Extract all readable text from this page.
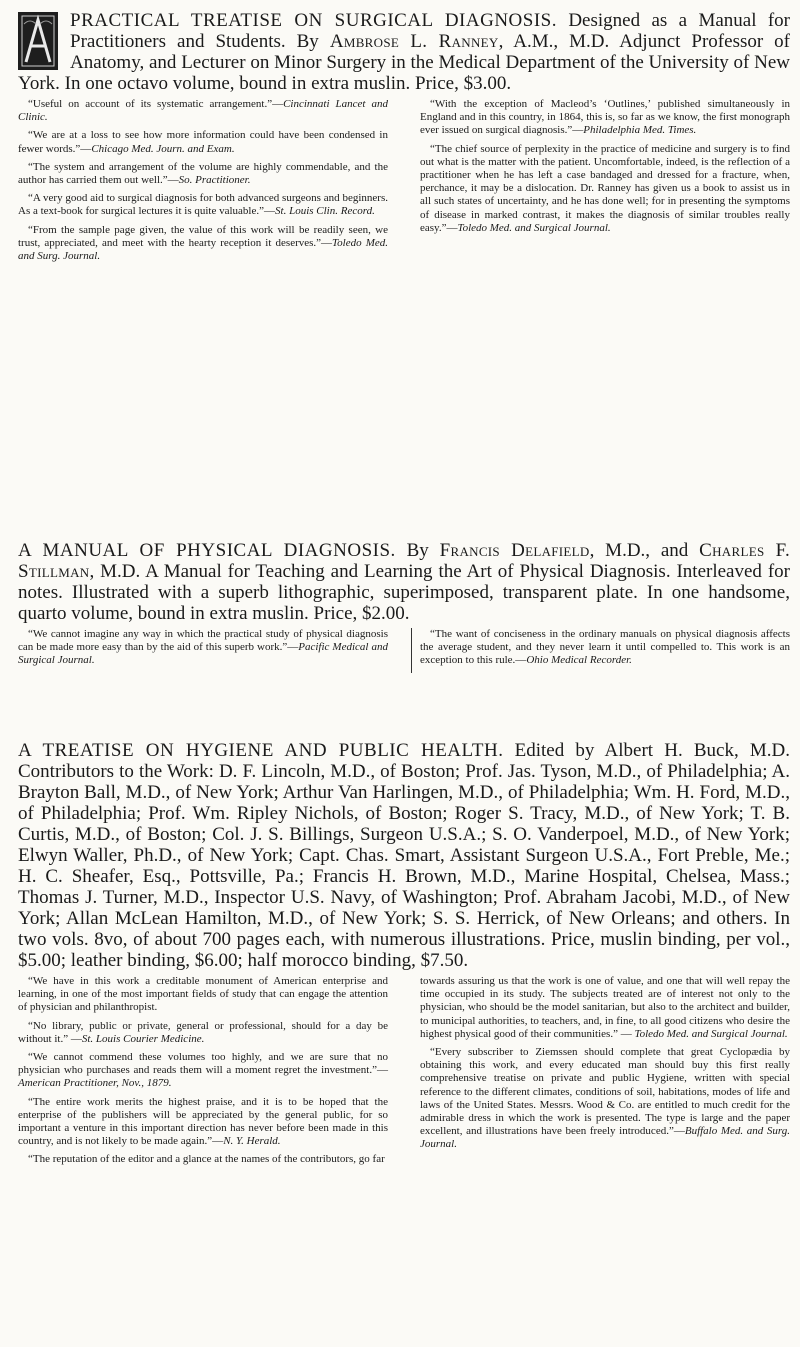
PRACTICAL TREATISE ON SURGICAL DIAGNOSIS. Designed as a Manual for Practitioners and Students. By Ambrose L. Ranney, A.M., M.D. Adjunct Professor of Anatomy, and Lecturer on Minor Surgery in the Medical Department of the University of New York. In one octavo volume, bound in extra muslin. Price, $3.00.

“Useful on account of its systematic arrangement.”—Cincinnati Lancet and Clinic.

“We are at a loss to see how more information could have been condensed in fewer words.”—Chicago Med. Journ. and Exam.

“The system and arrangement of the volume are highly commendable, and the author has carried them out well.”—So. Practitioner.

“A very good aid to surgical diagnosis for both advanced surgeons and beginners. As a text-book for surgical lectures it is quite valuable.”—St. Louis Clin. Record.

“From the sample page given, the value of this work will be readily seen, we trust, appreciated, and meet with the hearty reception it deserves.”—Toledo Med. and Surg. Journal.

“With the exception of Macleod’s ‘Outlines,’ published simultaneously in England and in this country, in 1864, this is, so far as we know, the first monograph ever issued on surgical diagnosis.”—Philadelphia Med. Times.

“The chief source of perplexity in the practice of medicine and surgery is to find out what is the matter with the patient. Uncomfortable, indeed, is the reflection of a practitioner when he has left a case bandaged and dressed for a fracture, when, perchance, it may be a dislocation. Dr. Ranney has given us a book to assist us in all such states of uncertainty, and he has done well; for in presenting the symptoms of disease in marked contrast, it makes the diagnosis of similar troubles really easy.”—Toledo Med. and Surgical Journal.

A MANUAL OF PHYSICAL DIAGNOSIS. By Francis Delafield, M.D., and Charles F. Stillman, M.D. A Manual for Teaching and Learning the Art of Physical Diagnosis. Interleaved for notes. Illustrated with a superb lithographic, superimposed, transparent plate. In one handsome, quarto volume, bound in extra muslin. Price, $2.00.

“We cannot imagine any way in which the practical study of physical diagnosis can be made more easy than by the aid of this superb work.”—Pacific Medical and Surgical Journal.

“The want of conciseness in the ordinary manuals on physical diagnosis affects the average student, and they never learn it until compelled to. This work is an exception to this rule.—Ohio Medical Recorder.

A TREATISE ON HYGIENE AND PUBLIC HEALTH. Edited by Albert H. Buck, M.D. Contributors to the Work: D. F. Lincoln, M.D., of Boston; Prof. Jas. Tyson, M.D., of Philadelphia; A. Brayton Ball, M.D., of New York; Arthur Van Harlingen, M.D., of Philadelphia; Wm. H. Ford, M.D., of Philadelphia; Prof. Wm. Ripley Nichols, of Boston; Roger S. Tracy, M.D., of New York; T. B. Curtis, M.D., of Boston; Col. J. S. Billings, Surgeon U.S.A.; S. O. Vanderpoel, M.D., of New York; Elwyn Waller, Ph.D., of New York; Capt. Chas. Smart, Assistant Surgeon U.S.A., Fort Preble, Me.; H. C. Sheafer, Esq., Pottsville, Pa.; Francis H. Brown, M.D., Marine Hospital, Chelsea, Mass.; Thomas J. Turner, M.D., Inspector U.S. Navy, of Washington; Prof. Abraham Jacobi, M.D., of New York; Allan McLean Hamilton, M.D., of New York; S. S. Herrick, of New Orleans; and others. In two vols. 8vo, of about 700 pages each, with numerous illustrations. Price, muslin binding, per vol., $5.00; leather binding, $6.00; half morocco binding, $7.50.

“We have in this work a creditable monument of American enterprise and learning, in one of the most important fields of study that can engage the attention of physician and philanthropist.

“No library, public or private, general or professional, should for a day be without it.” —St. Louis Courier Medicine.

“We cannot commend these volumes too highly, and we are sure that no physician who purchases and reads them will a moment regret the investment.”—American Practitioner, Nov., 1879.

“The entire work merits the highest praise, and it is to be hoped that the enterprise of the publishers will be appreciated by the general public, for so important a venture in this important direction has never before been made in this country, and is not likely to be made again.”—N. Y. Herald.

“The reputation of the editor and a glance at the names of the contributors, go far

towards assuring us that the work is one of value, and one that will well repay the time occupied in its study. The subjects treated are of interest not only to the physician, who should be the model sanitarian, but also to the architect and builder, to municipal authorities, to teachers, and, in fine, to all good citizens who desire the highest physical good of their communities.” — Toledo Med. and Surgical Journal.

“Every subscriber to Ziemssen should complete that great Cyclopædia by obtaining this work, and every educated man should buy this first really comprehensive treatise on private and public Hygiene, written with special reference to the different climates, conditions of soil, habitations, modes of life and laws of the United States. Messrs. Wood & Co. are entitled to much credit for the admirable dress in which the work is presented. The type is large and the paper excellent, and illustrations have been freely introduced.”—Buffalo Med. and Surg. Journal.
